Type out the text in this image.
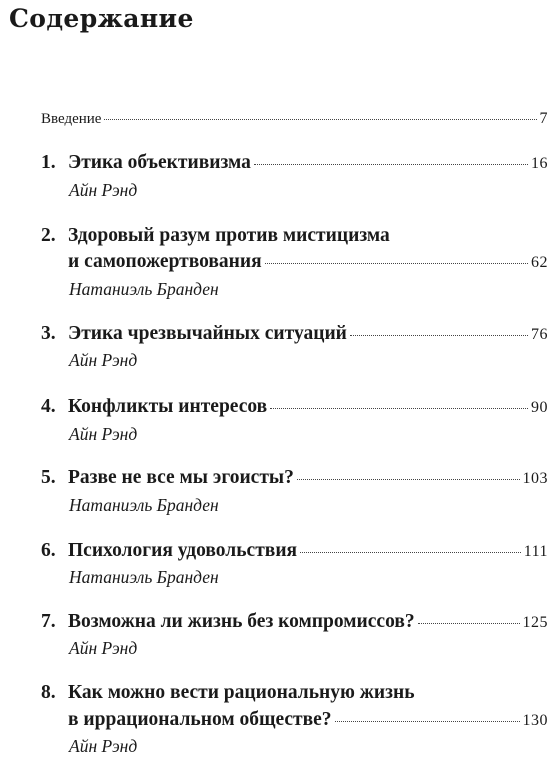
Содержание
Введение	7
1. Этика объективизма	16
Айн Рэнд
2. Здоровый разум против мистицизма
и самопожертвования	62
Натаниэль Бранден
3. Этика чрезвычайных ситуаций	76
Айн Рэнд
4. Конфликты интересов	90
Айн Рэнд
5. Разве не все мы эгоисты?	103
Натаниэль Бранден
6. Психология удовольствия	111
Натаниэль Бранден
7. Возможна ли жизнь без компромиссов?	125
Айн Рэнд
8. Как можно вести рациональную жизнь
в иррациональном обществе?	130
Айн Рэнд
